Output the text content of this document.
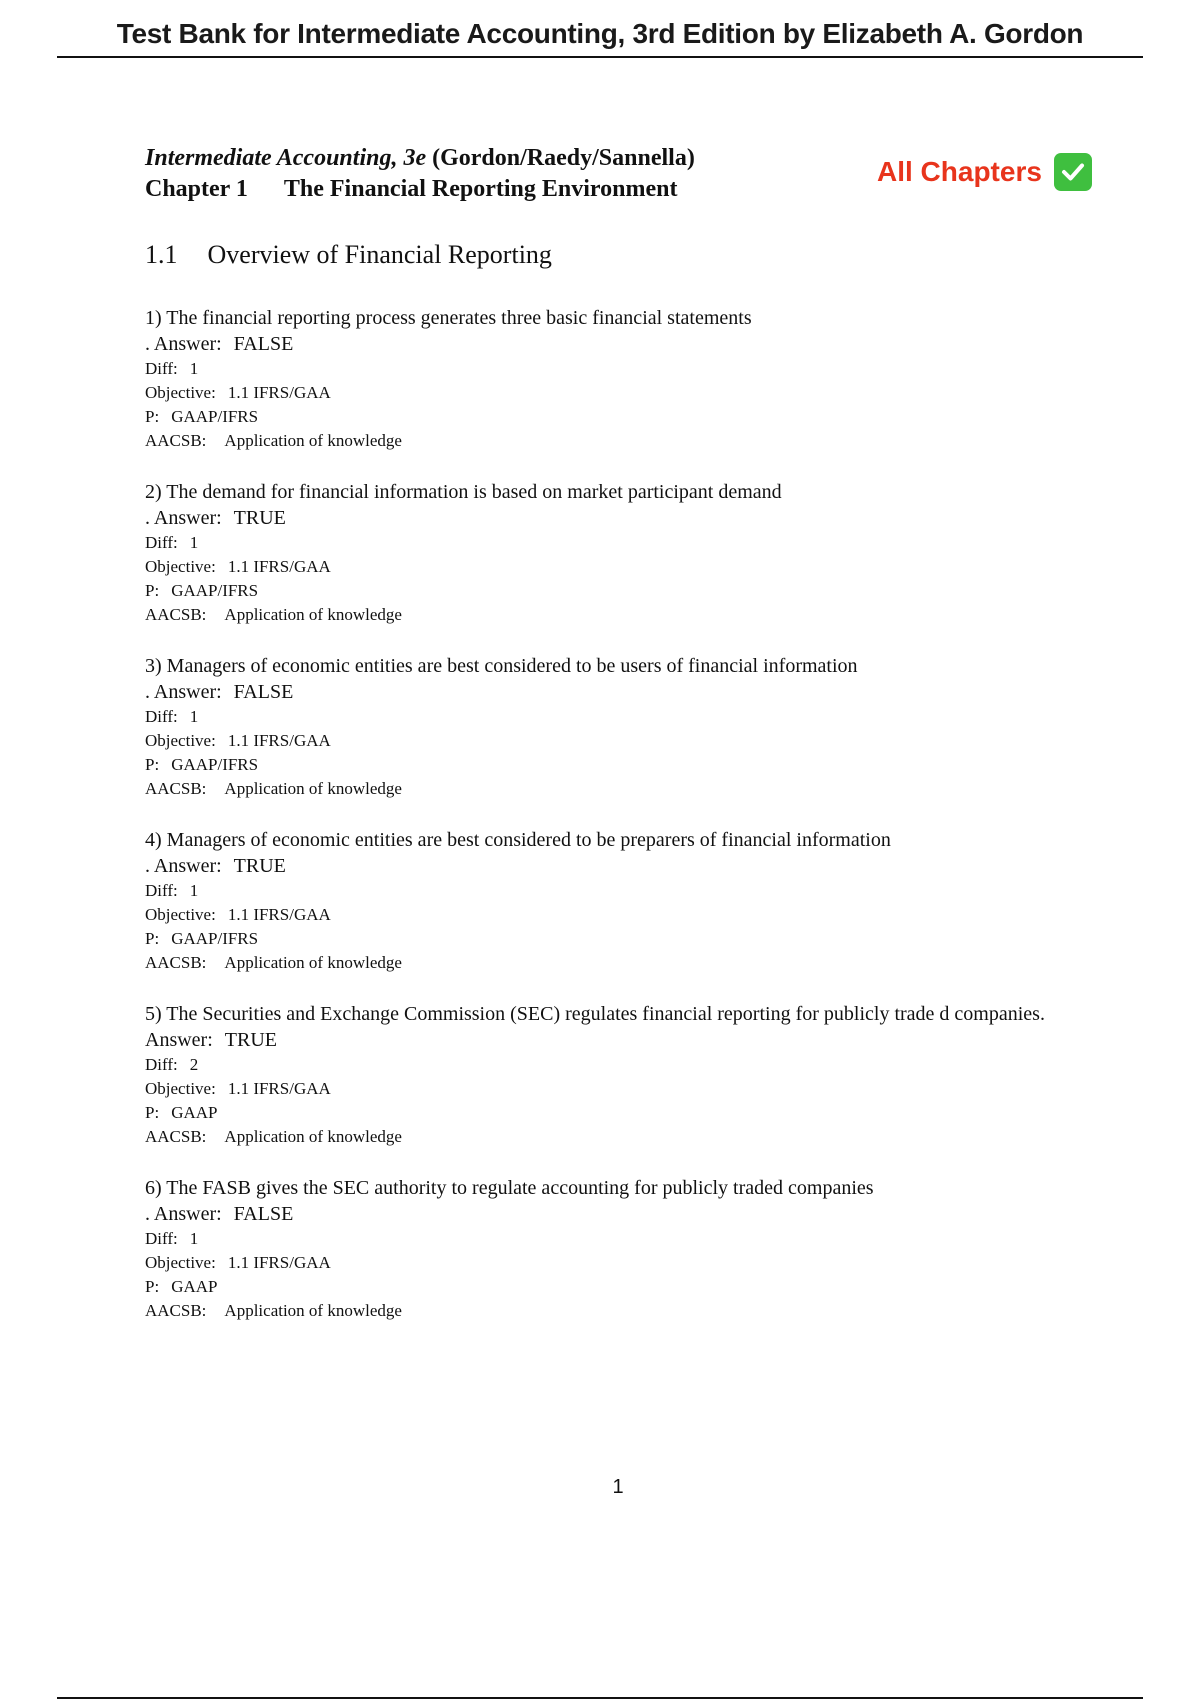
Test Bank for Intermediate Accounting, 3rd Edition by Elizabeth A. Gordon
Intermediate Accounting, 3e (Gordon/Raedy/Sannella)
Chapter 1 The Financial Reporting Environment
All Chapters
1.1 Overview of Financial Reporting
1) The financial reporting process generates three basic financial statements
. Answer: FALSE
Diff: 1
Objective: 1.1 IFRS/GAA
P: GAAP/IFRS
AACSB: Application of knowledge
2) The demand for financial information is based on market participant demand
. Answer: TRUE
Diff: 1
Objective: 1.1 IFRS/GAA
P: GAAP/IFRS
AACSB: Application of knowledge
3) Managers of economic entities are best considered to be users of financial information
. Answer: FALSE
Diff: 1
Objective: 1.1 IFRS/GAA
P: GAAP/IFRS
AACSB: Application of knowledge
4) Managers of economic entities are best considered to be preparers of financial information
. Answer: TRUE
Diff: 1
Objective: 1.1 IFRS/GAA
P: GAAP/IFRS
AACSB: Application of knowledge
5) The Securities and Exchange Commission (SEC) regulates financial reporting for publicly trade d companies.
Answer: TRUE
Diff: 2
Objective: 1.1 IFRS/GAA
P: GAAP
AACSB: Application of knowledge
6) The FASB gives the SEC authority to regulate accounting for publicly traded companies
. Answer: FALSE
Diff: 1
Objective: 1.1 IFRS/GAA
P: GAAP
AACSB: Application of knowledge
1
